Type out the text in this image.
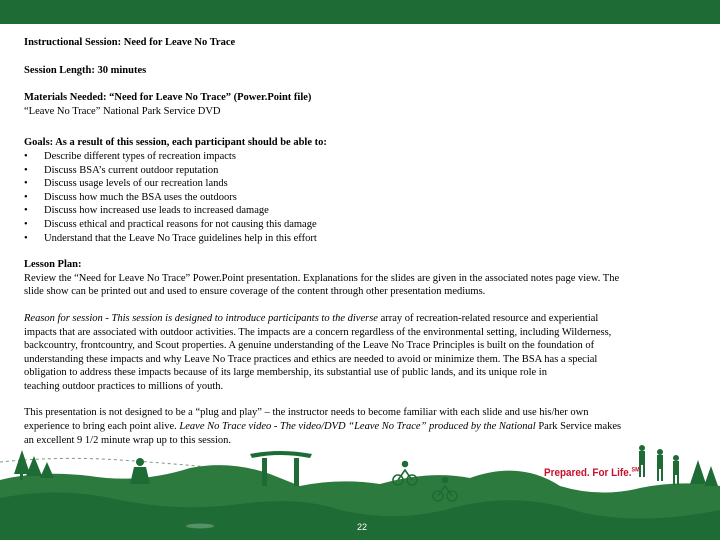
Instructional Session: Need for Leave No Trace

Session Length: 30 minutes

Materials Needed: “Need for Leave No Trace” (Power.Point file)

“Leave No Trace” National Park Service DVD

Goals: As a result of this session, each participant should be able to:

• Describe different types of recreation impacts
• Discuss BSA’s current outdoor reputation
• Discuss usage levels of our recreation lands
• Discuss how much the BSA uses the outdoors
• Discuss how increased use leads to increased damage
• Discuss ethical and practical reasons for not causing this damage
• Understand that the Leave No Trace guidelines help in this effort

Lesson Plan:

Review the “Need for Leave No Trace” Power.Point presentation. Explanations for the slides are given in the associated notes page view. The

slide show can be printed out and used to ensure coverage of the content through other presentation mediums.

Reason for session - This session is designed to introduce participants to the diverse array of recreation-related resource and experiential

impacts that are associated with outdoor activities. The impacts are a concern regardless of the environmental setting, including Wilderness,

backcountry, frontcountry, and Scout properties. A genuine understanding of the Leave No Trace Principles is built on the foundation of

understanding these impacts and why Leave No Trace practices and ethics are needed to avoid or minimize them. The BSA has a special

obligation to address these impacts because of its large membership, its substantial use of public lands, and its unique role in

teaching outdoor practices to millions of youth.

This presentation is not designed to be a “plug and play” – the instructor needs to become familiar with each slide and use his/her own

experience to bring each point alive. Leave No Trace video - The video/DVD “Leave No Trace” produced by the National Park Service makes

an excellent 9 1/2 minute wrap up to this session.

Prepared. For Life.℠
22
